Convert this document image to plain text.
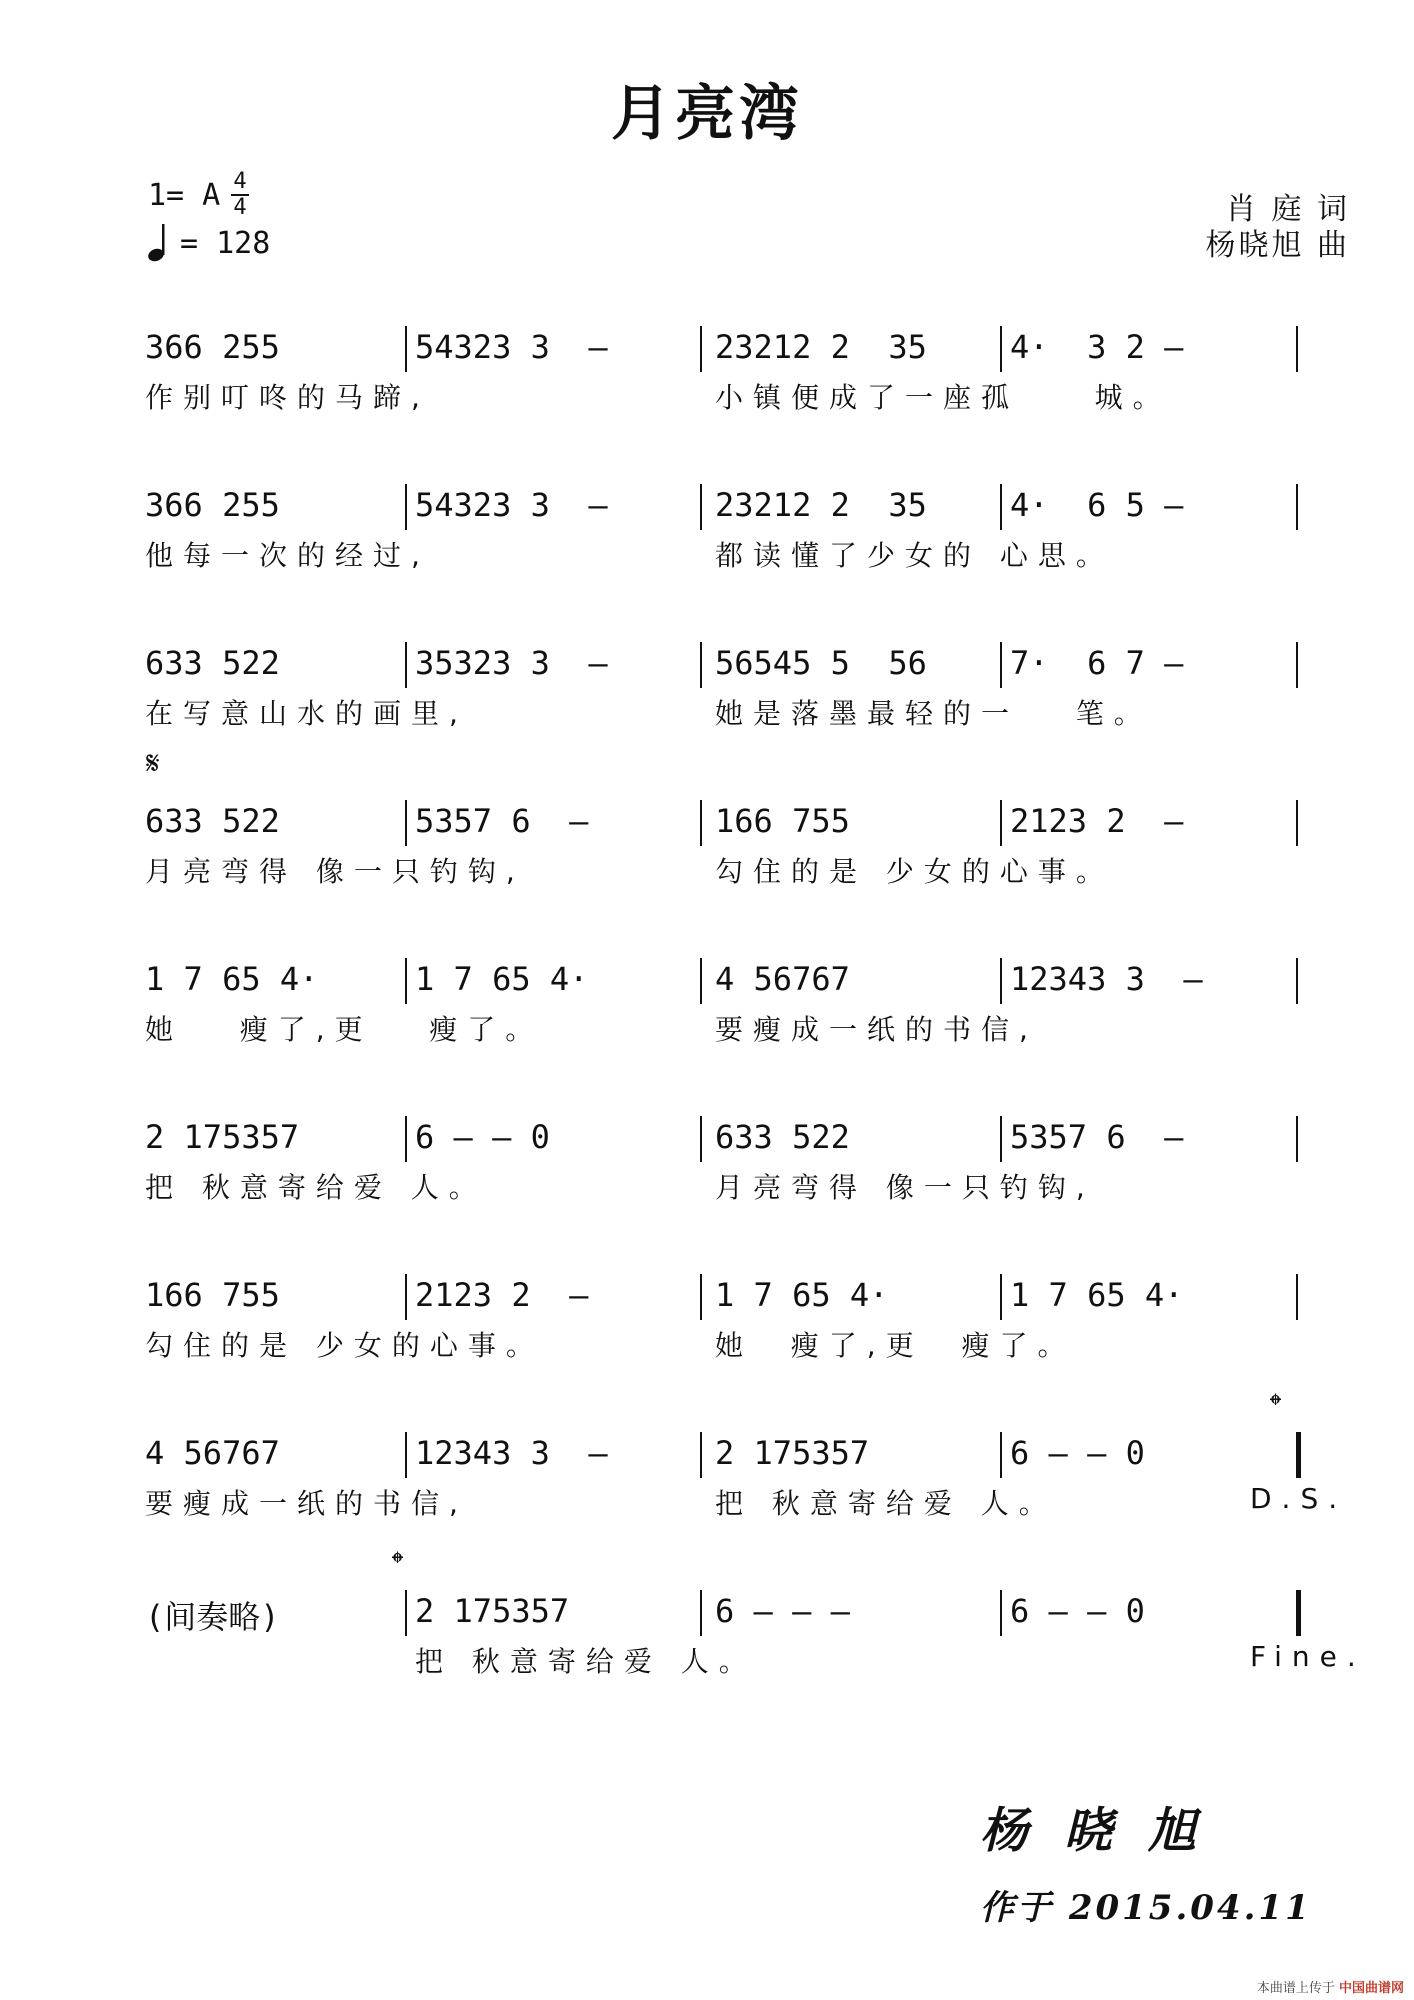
月亮湾
1= A 4
4
= 128
肖 庭 词
杨晓旭 曲
366 255	54323 3  –	23212 2  35	4·  3 2 –
作别叮咚的马蹄,	小镇便成了一座孤    城。
366 255	54323 3  –	23212 2  35	4·  6 5 –
他每一次的经过,	都读懂了少女的 心思。
633 522	35323 3  –	56545 5  56	7·  6 7 –
在写意山水的画里,	她是落墨最轻的一   笔。
633 522	5357 6  –	166 755	2123 2  –
月亮弯得 像一只钓钩,	勾住的是 少女的心事。
1 7 65 4·	1 7 65 4·	4 56767	12343 3  –
她   瘦了,更   瘦了。	要瘦成一纸的书信,
2 175357	6 – – 0	633 522	5357 6  –
把 秋意寄给爱 人。	月亮弯得 像一只钓钩,
166 755	2123 2  –	1 7 65 4·	1 7 65 4·
勾住的是 少女的心事。	她  瘦了,更  瘦了。
4 56767	12343 3  –	2 175357	6 – – 0
要瘦成一纸的书信,	把 秋意寄给爱 人。	D.S.
(间奏略)	2 175357	6 – – –	6 – – 0
把 秋意寄给爱 人。	Fine.
𝄋
𝄌
𝄌
杨晓旭
作于 2015.04.11
本曲谱上传于 中国曲谱网
